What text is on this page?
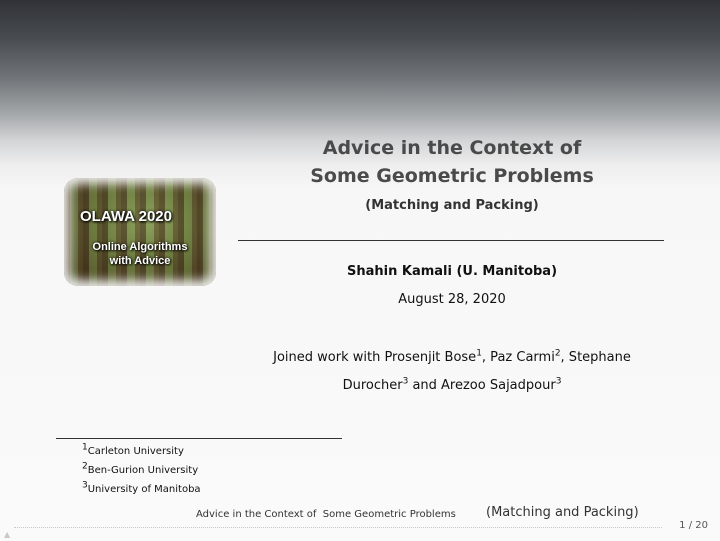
Advice in the Context of
Some Geometric Problems
(Matching and Packing)
OLAWA 2020
Online Algorithms
with Advice
Shahin Kamali (U. Manitoba)
August 28, 2020
Joined work with Prosenjit Bose$^1$, Paz Carmi$^2$, Stephane
Durocher$^3$ and Arezoo Sajadpour$^3$
$^1$Carleton University
$^2$Ben-Gurion University
$^3$University of Manitoba
Advice in the Context of  Some Geometric Problems (Matching and Packing)
1 / 20
▲
